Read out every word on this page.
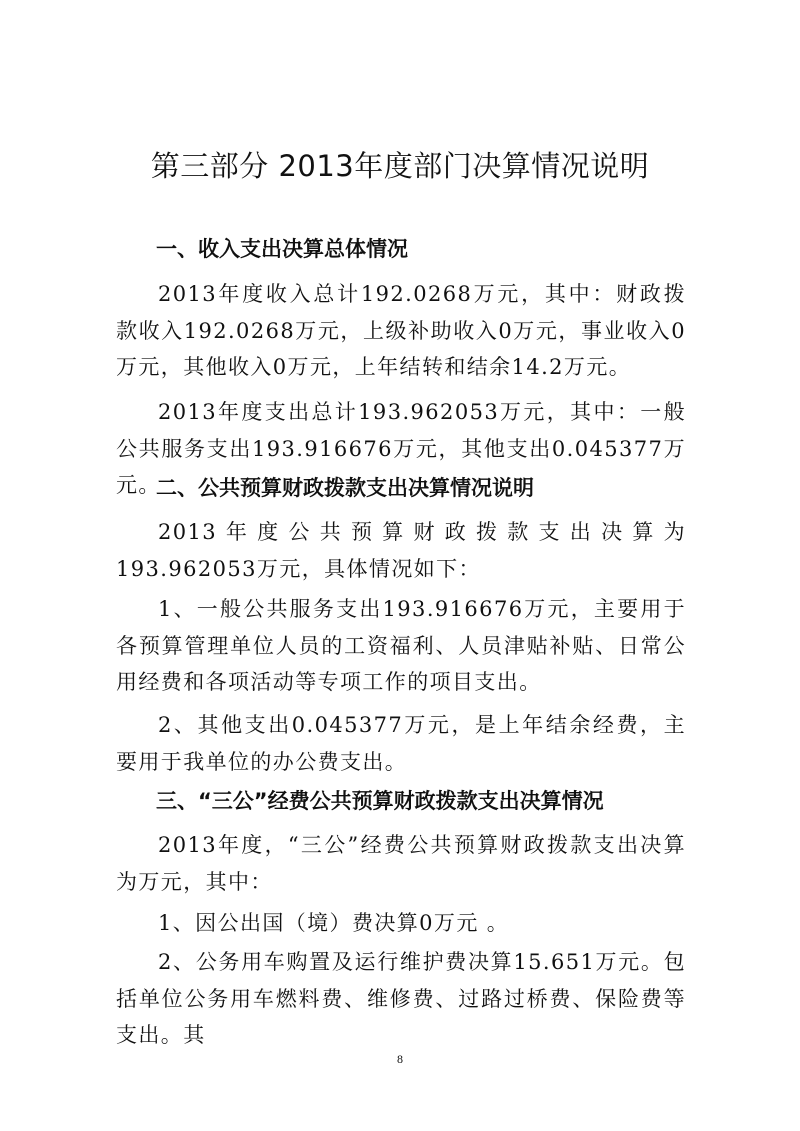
第三部分 2013年度部门决算情况说明
一、收入支出决算总体情况
2013年度收入总计192.0268万元，其中：财政拨款收入192.0268万元，上级补助收入0万元，事业收入0万元，其他收入0万元，上年结转和结余14.2万元。
2013年度支出总计193.962053万元，其中：一般公共服务支出193.916676万元，其他支出0.045377万元。
二、公共预算财政拨款支出决算情况说明
2013年度公共预算财政拨款支出决算为193.962053万元，具体情况如下：
1、一般公共服务支出193.916676万元，主要用于各预算管理单位人员的工资福利、人员津贴补贴、日常公用经费和各项活动等专项工作的项目支出。
2、其他支出0.045377万元，是上年结余经费，主要用于我单位的办公费支出。
三、“三公”经费公共预算财政拨款支出决算情况
2013年度，“三公”经费公共预算财政拨款支出决算为万元，其中：
1、因公出国（境）费决算0万元 。
2、公务用车购置及运行维护费决算15.651万元。包括单位公务用车燃料费、维修费、过路过桥费、保险费等支出。其
8
